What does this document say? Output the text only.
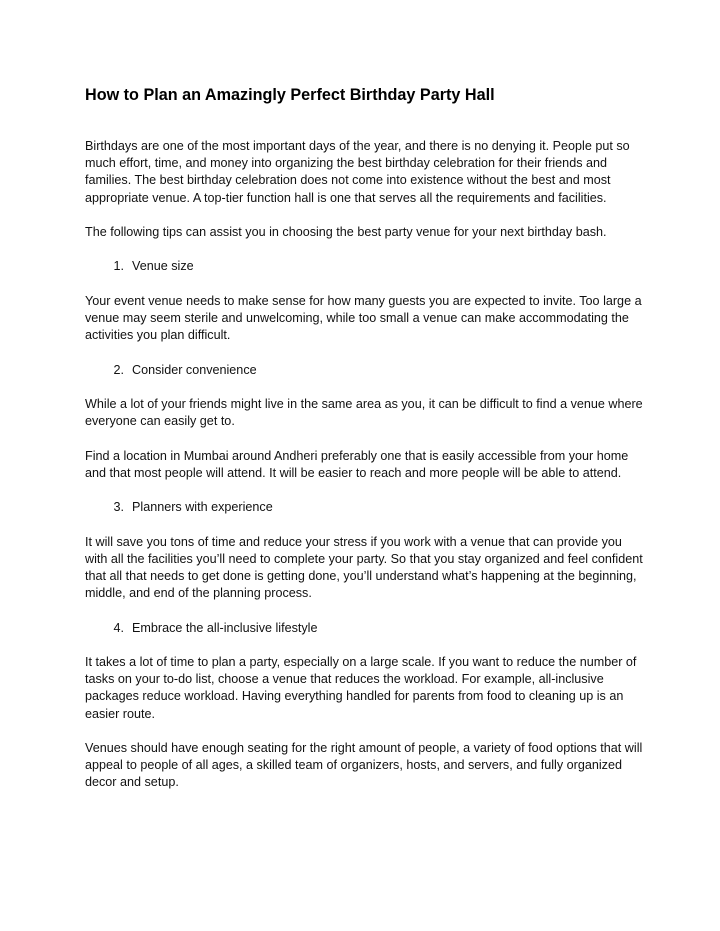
How to Plan an Amazingly Perfect Birthday Party Hall

Birthdays are one of the most important days of the year, and there is no denying it. People put so much effort, time, and money into organizing the best birthday celebration for their friends and families. The best birthday celebration does not come into existence without the best and most appropriate venue. A top-tier function hall is one that serves all the requirements and facilities.

The following tips can assist you in choosing the best party venue for your next birthday bash.

1. Venue size

Your event venue needs to make sense for how many guests you are expected to invite. Too large a venue may seem sterile and unwelcoming, while too small a venue can make accommodating the activities you plan difficult.

2. Consider convenience

While a lot of your friends might live in the same area as you, it can be difficult to find a venue where everyone can easily get to.

Find a location in Mumbai around Andheri preferably one that is easily accessible from your home and that most people will attend. It will be easier to reach and more people will be able to attend.

3. Planners with experience

It will save you tons of time and reduce your stress if you work with a venue that can provide you with all the facilities you’ll need to complete your party. So that you stay organized and feel confident that all that needs to get done is getting done, you’ll understand what’s happening at the beginning, middle, and end of the planning process.

4. Embrace the all-inclusive lifestyle

It takes a lot of time to plan a party, especially on a large scale. If you want to reduce the number of tasks on your to-do list, choose a venue that reduces the workload. For example, all-inclusive packages reduce workload. Having everything handled for parents from food to cleaning up is an easier route.

Venues should have enough seating for the right amount of people, a variety of food options that will appeal to people of all ages, a skilled team of organizers, hosts, and servers, and fully organized decor and setup.
